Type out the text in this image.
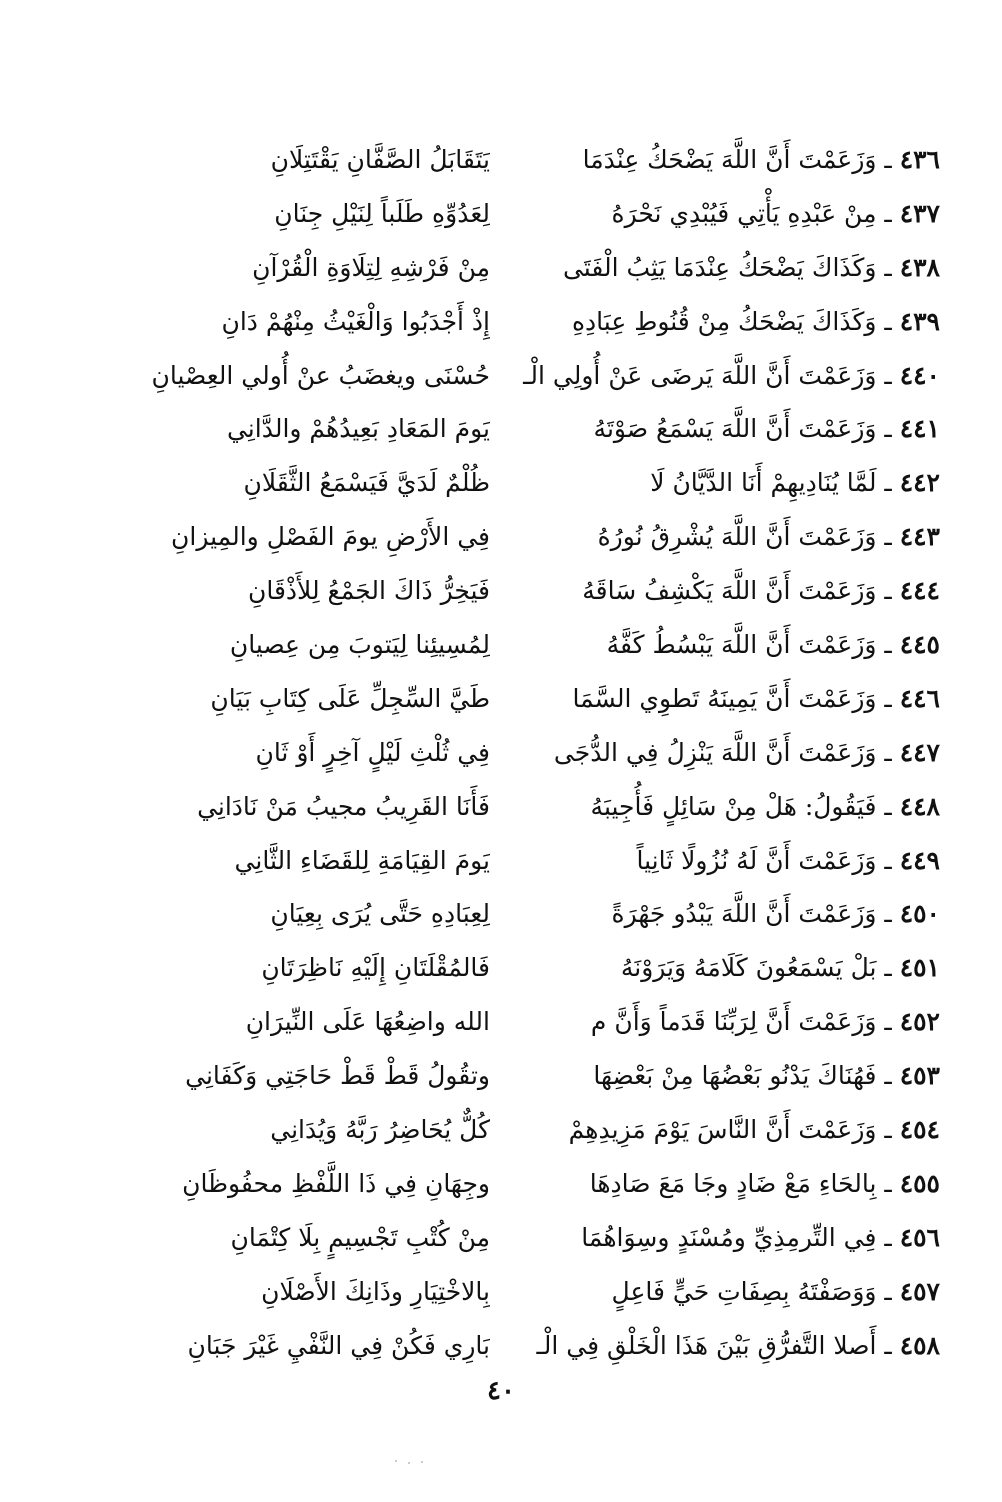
٤٣٦ ـ وَزَعَمْتَ أَنَّ اللَّهَ يَضْحَكُ عِنْدَمَا
يَتَقَابَلُ الصَّفَّانِ يَقْتَتِلَانِ
٤٣٧ ـ مِنْ عَبْدِهِ يَأْتِي فَيُبْدِي نَحْرَهُ
لِعَدُوِّهِ طَلَباً لِنَيْلِ جِنَانِ
٤٣٨ ـ وَكَذَاكَ يَضْحَكُ عِنْدَمَا يَثِبُ الْفَتَى
مِنْ فَرْشِهِ لِتِلَاوَةِ الْقُرْآنِ
٤٣٩ ـ وَكَذَاكَ يَضْحَكُ مِنْ قُنُوطِ عِبَادِهِ
إِذْ أَجْدَبُوا وَالْغَيْثُ مِنْهُمْ دَانِ
٤٤٠ ـ وَزَعَمْتَ أَنَّ اللَّهَ يَرضَى عَنْ أُولِي الْـ
حُسْنَى ويغضَبُ عنْ أُولي العِصْيانِ
٤٤١ ـ وَزَعَمْتَ أَنَّ اللَّهَ يَسْمَعُ صَوْتَهُ
يَومَ المَعَادِ بَعِيدُهُمْ والدَّانِي
٤٤٢ ـ لَمَّا يُنَادِيهِمْ أَنَا الدَّيَّانُ لَا
ظُلْمٌ لَدَيَّ فَيَسْمَعُ الثَّقَلَانِ
٤٤٣ ـ وَزَعَمْتَ أَنَّ اللَّهَ يُشْرِقُ نُورُهُ
فِي الأَرْضِ يومَ الفَصْلِ والمِيزانِ
٤٤٤ ـ وَزَعَمْتَ أَنَّ اللَّهَ يَكْشِفُ سَاقَهُ
فَيَخِرُّ ذَاكَ الجَمْعُ لِلأَذْقَانِ
٤٤٥ ـ وَزَعَمْتَ أَنَّ اللَّهَ يَبْسُطُ كَفَّهُ
لِمُسِيئِنا لِيَتوبَ مِن عِصيانِ
٤٤٦ ـ وَزَعَمْتَ أَنَّ يَمِينَهُ تَطوِي السَّمَا
طَيَّ السِّجِلِّ عَلَى كِتَابِ بَيَانِ
٤٤٧ ـ وَزَعَمْتَ أَنَّ اللَّهَ يَنْزِلُ فِي الدُّجَى
فِي ثُلْثِ لَيْلٍ آخِرٍ أَوْ ثَانِ
٤٤٨ ـ فَيَقُولُ: هَلْ مِنْ سَائِلٍ فَأُجِيبَهُ
فَأَنَا القَرِيبُ مجيبُ مَنْ نَادَانِي
٤٤٩ ـ وَزَعَمْتَ أَنَّ لَهُ نُزُولًا ثَانِياً
يَومَ القِيَامَةِ لِلقَضَاءِ الثَّانِي
٤٥٠ ـ وَزَعَمْتَ أَنَّ اللَّهَ يَبْدُو جَهْرَةً
لِعِبَادِهِ حَتَّى يُرَى بِعِيَانِ
٤٥١ ـ بَلْ يَسْمَعُونَ كَلَامَهُ وَيَرَوْنَهُ
فَالمُقْلَتَانِ إِلَيْهِ نَاظِرَتَانِ
٤٥٢ ـ وَزَعَمْتَ أَنَّ لِرَبِّنَا قَدَماً وَأَنَّ م
الله واضِعُهَا عَلَى النِّيرَانِ
٤٥٣ ـ فَهُنَاكَ يَدْنُو بَعْضُهَا مِنْ بَعْضِهَا
وتقُولُ قَطْ قَطْ حَاجَتِي وَكَفَانِي
٤٥٤ ـ وَزَعَمْتَ أَنَّ النَّاسَ يَوْمَ مَزِيدِهِمْ
كُلٌّ يُحَاضِرُ رَبَّهُ وَيُدَانِي
٤٥٥ ـ بِالحَاءِ مَعْ ضَادٍ وجَا مَعَ صَادِهَا
وجِهَانِ فِي ذَا اللَّفْظِ محفُوظَانِ
٤٥٦ ـ فِي التِّرمِذِيِّ ومُسْنَدٍ وسِوَاهُمَا
مِنْ كُتْبِ تَجْسِيمٍ بِلَا كِتْمَانِ
٤٥٧ ـ وَوَصَفْتَهُ بِصِفَاتِ حَيٍّ فَاعِلٍ
بِالاخْتِيَارِ وذَانِكَ الأَصْلَانِ
٤٥٨ ـ أَصلا التَّفرُّقِ بَيْنَ هَذَا الْخَلْقِ فِي الْـ
بَارِي فَكُنْ فِي النَّفْيِ غَيْرَ جَبَانِ
٤٠
